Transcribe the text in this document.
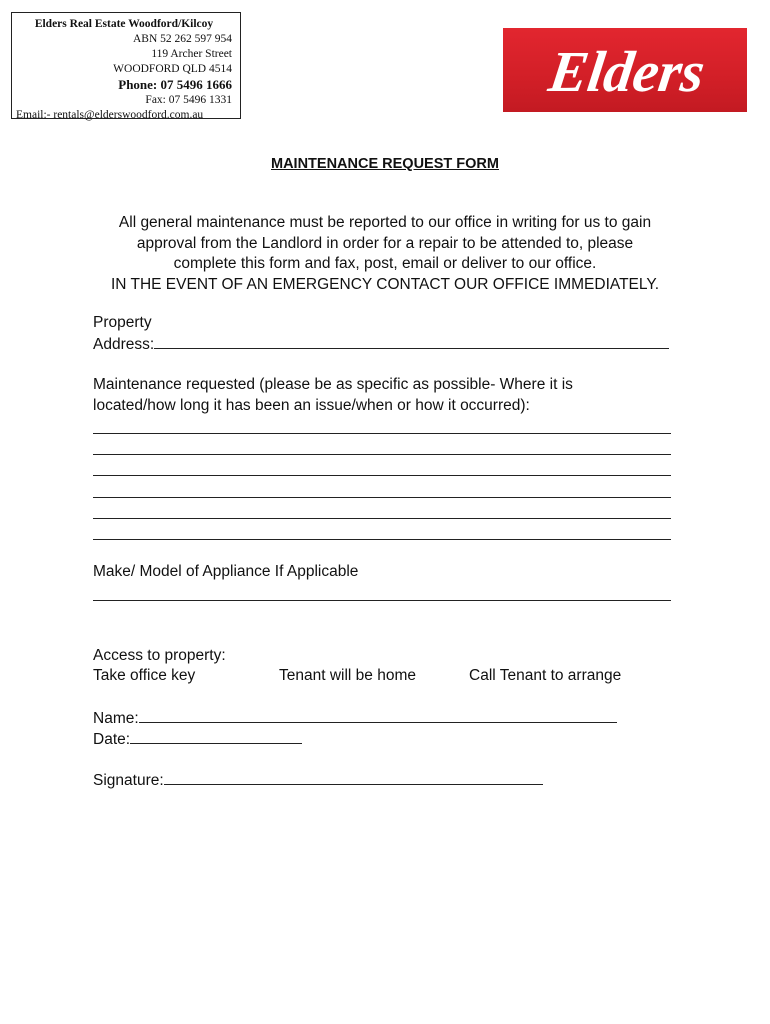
Elders Real Estate Woodford/Kilcoy
ABN 52 262 597 954
119 Archer Street
WOODFORD QLD 4514
Phone: 07 5496 1666
Fax: 07 5496 1331
Email:- rentals@elderswoodford.com.au
Elders
MAINTENANCE REQUEST FORM
All general maintenance must be reported to our office in writing for us to gain
approval from the Landlord in order for a repair to be attended to, please
complete this form and fax, post, email or deliver to our office.
IN THE EVENT OF AN EMERGENCY CONTACT OUR OFFICE IMMEDIATELY.
Property
Address:
Maintenance requested (please be as specific as possible- Where it is
located/how long it has been an issue/when or how it occurred):
Make/ Model of Appliance If Applicable
Access to property:
Take office key	Tenant will be home	Call Tenant to arrange
Name:
Date:
Signature:
